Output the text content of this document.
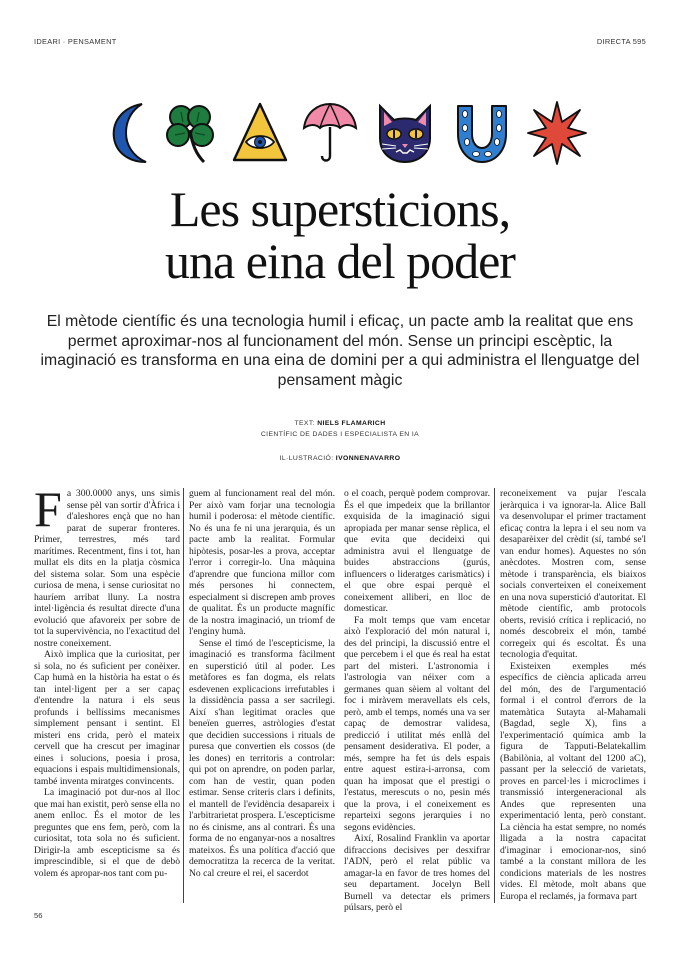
IDEARI · PENSAMENT	DIRECTA 595
Les supersticions,
una eina del poder

El mètode científic és una tecnologia humil i eficaç, un pacte amb la realitat que ens permet aproximar-nos al funcionament del món. Sense un principi escèptic, la imaginació es transforma en una eina de domini per a qui administra el llenguatge del pensament màgic

TEXT: NIELS FLAMARICH
CIENTÍFIC DE DADES I ESPECIALISTA EN IA
IL·LUSTRACIÓ: IVONNENAVARRO

Fa 300.0000 anys, uns simis sense pèl van sortir d'Àfrica i d'aleshores ençà que no han parat de superar fronteres. Primer, terrestres, més tard marítimes. Recentment, fins i tot, han mullat els dits en la platja còsmica del sistema solar. Som una espècie curiosa de mena, i sense curiositat no hauríem arribat lluny. La nostra intel·ligència és resultat directe d'una evolució que afavoreix per sobre de tot la supervivència, no l'exactitud del nostre coneixement.

Això implica que la curiositat, per si sola, no és suficient per conèixer. Cap humà en la història ha estat o és tan intel·ligent per a ser capaç d'entendre la natura i els seus profunds i bellíssims mecanismes simplement pensant i sentint. El misteri ens crida, però el mateix cervell que ha crescut per imaginar eines i solucions, poesia i prosa, equacions i espais multidimensionals, també inventa miratges convincents.

La imaginació pot dur-nos al lloc que mai han existit, però sense ella no anem enlloc. És el motor de les preguntes que ens fem, però, com la curiositat, tota sola no és suficient. Dirigir-la amb escepticisme sa és imprescindible, si el que de debò volem és apropar-nos tant com pu-

guem al funcionament real del món. Per això vam forjar una tecnologia humil i poderosa: el mètode científic. No és una fe ni una jerarquia, és un pacte amb la realitat. Formular hipòtesis, posar-les a prova, acceptar l'error i corregir-lo. Una màquina d'aprendre que funciona millor com més persones hi connectem, especialment si discrepen amb proves de qualitat. És un producte magnífic de la nostra imaginació, un triomf de l'enginy humà.

Sense el timó de l'escepticisme, la imaginació es transforma fàcilment en superstició útil al poder. Les metàfores es fan dogma, els relats esdevenen explicacions irrefutables i la dissidència passa a ser sacrilegi. Així s'han legitimat oracles que beneïen guerres, astròlogies d'estat que decidien successions i rituals de puresa que convertien els cossos (de les dones) en territoris a controlar: qui pot on aprendre, on poden parlar, com han de vestir, quan poden estimar. Sense criteris clars i definits, el mantell de l'evidència desapareix i l'arbitrarietat prospera. L'escepticisme no és cinisme, ans al contrari. És una forma de no enganyar-nos a nosaltres mateixos. És una política d'acció que democratitza la recerca de la veritat. No cal creure el rei, el sacerdot

o el coach, perquè podem comprovar. És el que impedeix que la brillantor exquisida de la imaginació sigui apropiada per manar sense rèplica, el que evita que decideixi qui administra avui el llenguatge de buides abstraccions (gurús, influencers o lideratges carismàtics) i el que obre espai perquè el coneixement alliberi, en lloc de domesticar.

Fa molt temps que vam encetar això l'exploració del món natural i, des del principi, la discussió entre el que percebem i el que és real ha estat part del misteri. L'astronomia i l'astrologia van néixer com a germanes quan sèiem al voltant del foc i miràvem meravellats els cels, però, amb el temps, només una va ser capaç de demostrar validesa, predicció i utilitat més enllà del pensament desiderativa. El poder, a més, sempre ha fet ús dels espais entre aquest estira-i-arronsa, com quan ha imposat que el prestigi o l'estatus, merescuts o no, pesin més que la prova, i el coneixement es reparteixi segons jerarquies i no segons evidències.

Així, Rosalind Franklin va aportar difraccions decisives per desxifrar l'ADN, però el relat públic va amagar-la en favor de tres homes del seu departament. Jocelyn Bell Burnell va detectar els primers púlsars, però el

reconeixement va pujar l'escala jeràrquica i va ignorar-la. Alice Ball va desenvolupar el primer tractament eficaç contra la lepra i el seu nom va desaparèixer del crèdit (sí, també se'l van endur homes). Aquestes no són anècdotes. Mostren com, sense mètode i transparència, els biaixos socials converteixen el coneixement en una nova superstició d'autoritat. El mètode científic, amb protocols oberts, revisió crítica i replicació, no només descobreix el món, també corregeix qui és escoltat. És una tecnologia d'equitat.

Existeixen exemples més específics de ciència aplicada arreu del món, des de l'argumentació formal i el control d'errors de la matemàtica Sutayta al-Mahamali (Bagdad, segle X), fins a l'experimentació química amb la figura de Tapputi-Belatekallim (Babilònia, al voltant del 1200 aC), passant per la selecció de varietats, proves en parcel·les i microclimes i transmissió intergeneracional als Andes que representen una experimentació lenta, però constant. La ciència ha estat sempre, no només lligada a la nostra capacitat d'imaginar i emocionar-nos, sinó també a la constant millora de les condicions materials de les nostres vides. El mètode, molt abans que Europa el reclamés, ja formava part

56
